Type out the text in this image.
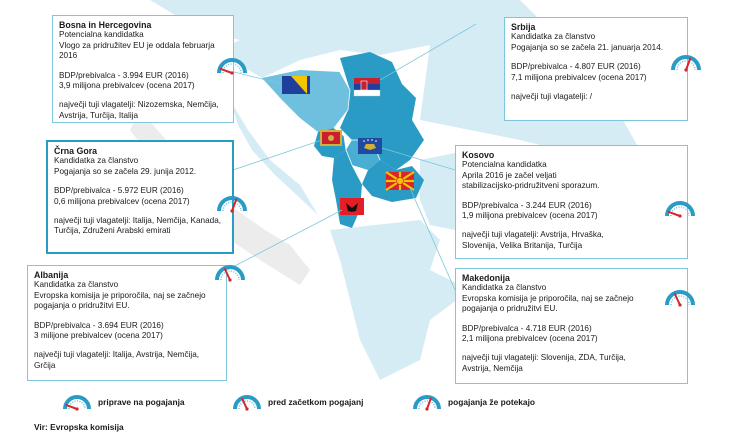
Bosna in Hercegovina
Potencialna kandidatka
Vlogo za pridružitev EU je oddala februarja 2016
BDP/prebivalca - 3.994 EUR (2016)
3,9 milijona prebivalcev (ocena 2017)
največji tuji vlagatelji: Nizozemska, Nemčija,
Avstrija, Turčija, Italija
Srbija
Kandidatka za članstvo
Pogajanja so se začela 21. januarja 2014.
BDP/prebivalca - 4.807 EUR (2016)
7,1 milijona prebivalcev (ocena 2017)
največji tuji vlagatelji: /
Črna Gora
Kandidatka za članstvo
Pogajanja so se začela 29. junija 2012.
BDP/prebivalca - 5.972 EUR (2016)
0,6 milijona prebivalcev (ocena 2017)
največji tuji vlagatelji: Italija, Nemčija, Kanada,
Turčija, Združeni Arabski emirati
Kosovo
Potencialna kandidatka
Aprila 2016 je začel veljati
stabilizacijsko-pridružitveni sporazum.
BDP/prebivalca - 3.244 EUR (2016)
1,9 milijona prebivalcev (ocena 2017)
največji tuji vlagatelji: Avstrija, Hrvaška,
Slovenija, Velika Britanija, Turčija
Albanija
Kandidatka za članstvo
Evropska komisija je priporočila, naj se začnejo
pogajanja o pridružitvi EU.
BDP/prebivalca - 3.694 EUR (2016)
3 milijone prebivalcev (ocena 2017)
največji tuji vlagatelji: Italija, Avstrija, Nemčija,
Grčija
Makedonija
Kandidatka za članstvo
Evropska komisija je priporočila, naj se začnejo
pogajanja o pridružitvi EU.
BDP/prebivalca - 4.718 EUR (2016)
2,1 milijona prebivalcev (ocena 2017)
največji tuji vlagatelji: Slovenija, ZDA, Turčija,
Avstrija, Nemčija
priprave na pogajanja	pred začetkom pogajanj	pogajanja že potekajo
Vir: Evropska komisija
